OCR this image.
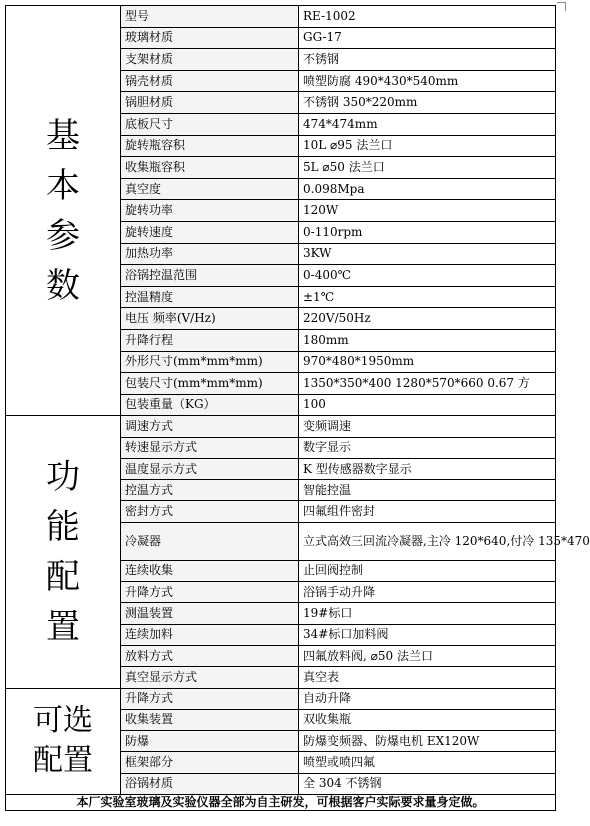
基
本
参
数	型号	RE-1002
	玻璃材质	GG-17
	支架材质	不锈钢
	锅壳材质	喷塑防腐 490*430*540mm
	锅胆材质	不锈钢 350*220mm
	底板尺寸	474*474mm
	旋转瓶容积	10L ⌀95 法兰口
	收集瓶容积	5L ⌀50 法兰口
	真空度	0.098Mpa
	旋转功率	120W
	旋转速度	0-110rpm
	加热功率	3KW
	浴锅控温范围	0-400℃
	控温精度	±1℃
	电压 频率(V/Hz)	220V/50Hz
	升降行程	180mm
	外形尺寸(mm*mm*mm)	970*480*1950mm
	包装尺寸(mm*mm*mm)	1350*350*400 1280*570*660 0.67 方
	包装重量（KG）	100

功
能
配
置	调速方式	变频调速
	转速显示方式	数字显示
	温度显示方式	K 型传感器数字显示
	控温方式	智能控温
	密封方式	四氟组件密封
	冷凝器	立式高效三回流冷凝器,主冷 120*640,付冷 135*470
	连续收集	止回阀控制
	升降方式	浴锅手动升降
	测温装置	19#标口
	连续加料	34#标口加料阀
	放料方式	四氟放料阀, ⌀50 法兰口
	真空显示方式	真空表

可选
配置	升降方式	自动升降
	收集装置	双收集瓶
	防爆	防爆变频器、防爆电机 EX120W
	框架部分	喷塑或喷四氟
	浴锅材质	全 304 不锈钢
本厂实验室玻璃及实验仪器全部为自主研发，可根据客户实际要求量身定做。		
